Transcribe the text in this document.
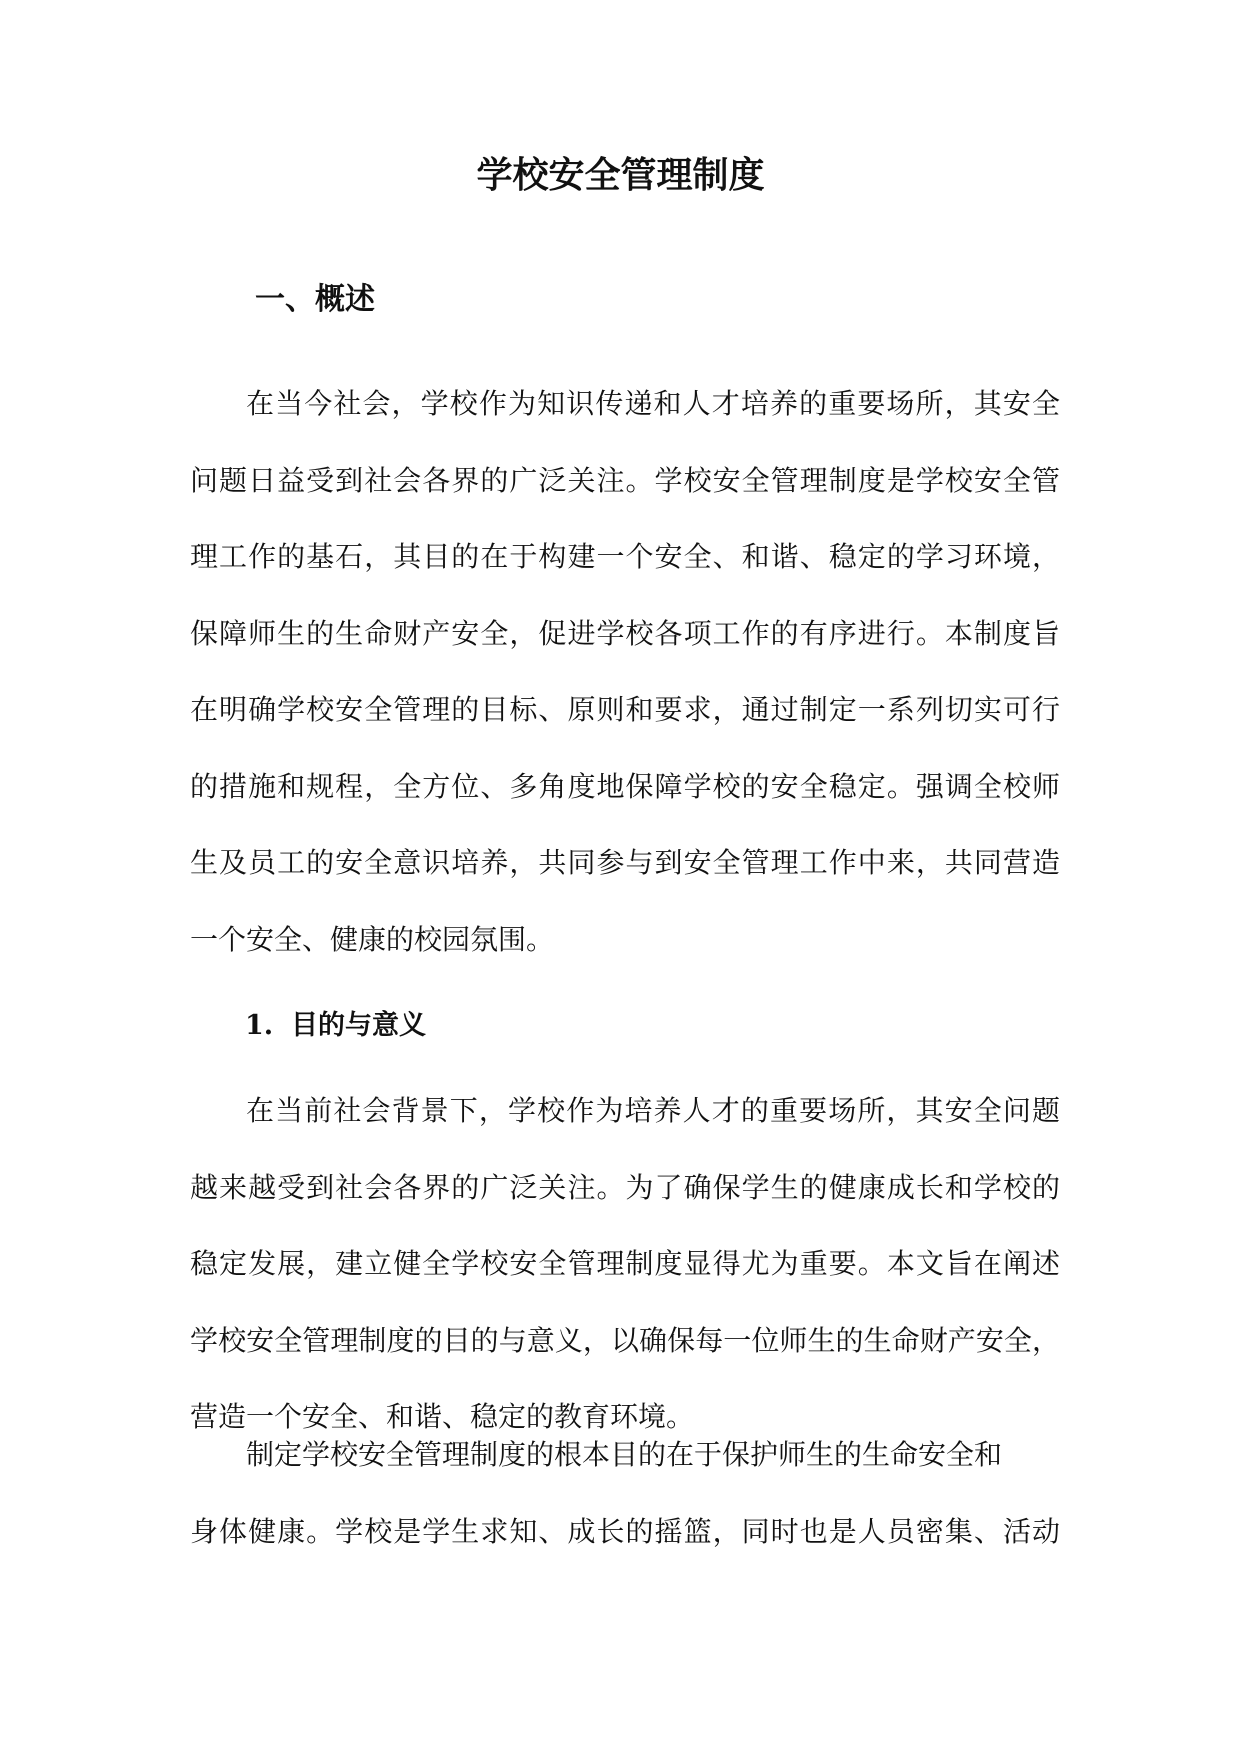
学校安全管理制度
一、概述
在当今社会，学校作为知识传递和人才培养的重要场所，其安全
问题日益受到社会各界的广泛关注。学校安全管理制度是学校安全管
理工作的基石，其目的在于构建一个安全、和谐、稳定的学习环境，
保障师生的生命财产安全，促进学校各项工作的有序进行。本制度旨
在明确学校安全管理的目标、原则和要求，通过制定一系列切实可行
的措施和规程，全方位、多角度地保障学校的安全稳定。强调全校师
生及员工的安全意识培养，共同参与到安全管理工作中来，共同营造
一个安全、健康的校园氛围。
1. 目的与意义
在当前社会背景下，学校作为培养人才的重要场所，其安全问题
越来越受到社会各界的广泛关注。为了确保学生的健康成长和学校的
稳定发展，建立健全学校安全管理制度显得尤为重要。本文旨在阐述
学校安全管理制度的目的与意义，以确保每一位师生的生命财产安全，
营造一个安全、和谐、稳定的教育环境。
制定学校安全管理制度的根本目的在于保护师生的生命安全和
身体健康。学校是学生求知、成长的摇篮，同时也是人员密集、活动
